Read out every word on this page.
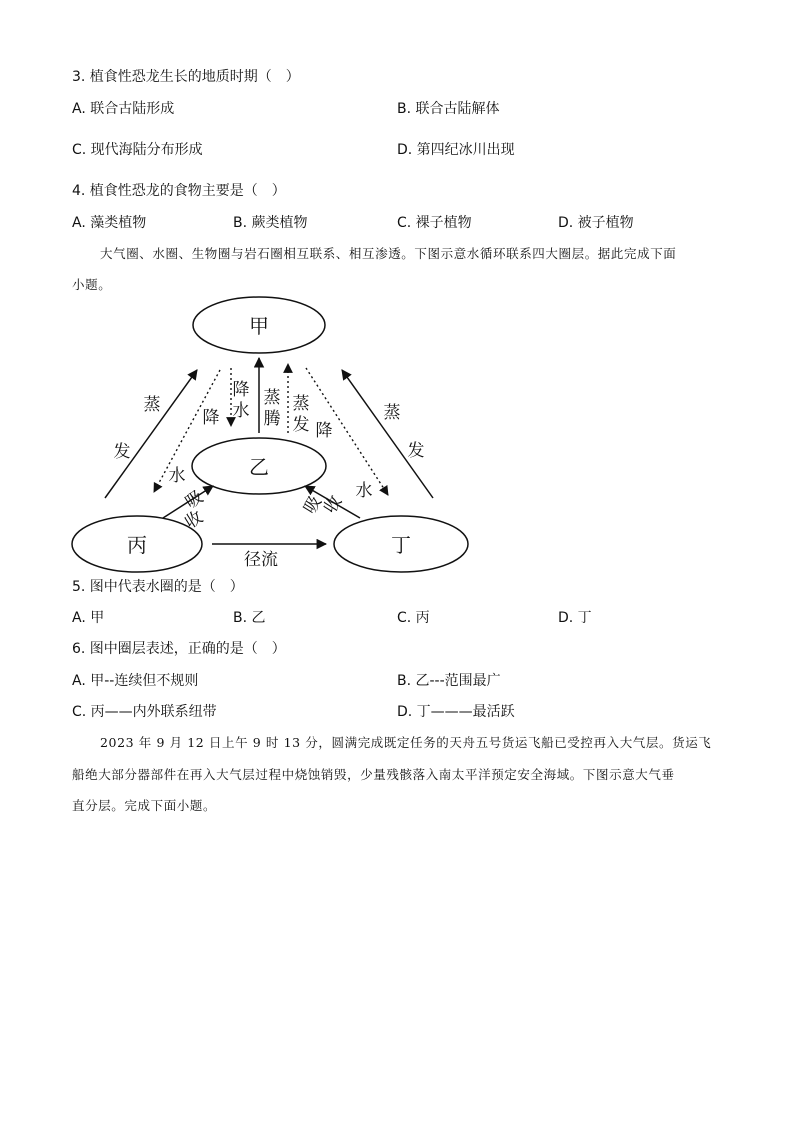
3. 植食性恐龙生长的地质时期（　）
A. 联合古陆形成	B. 联合古陆解体
C. 现代海陆分布形成	D. 第四纪冰川出现
4. 植食性恐龙的食物主要是（　）
A. 藻类植物	B. 蕨类植物	C. 裸子植物	D. 被子植物
大气圈、水圈、生物圈与岩石圈相互联系、相互渗透。下图示意水循环联系四大圈层。据此完成下面
小题。
甲
乙
丙	丁
蒸
发
蒸
发
降
水
降
水
降
水
蒸
腾
蒸
发
吸
收
吸
收
径流
5. 图中代表水圈的是（　）
A. 甲	B. 乙	C. 丙	D. 丁
6. 图中圈层表述，正确的是（　）
A. 甲--连续但不规则	B. 乙---范围最广
C. 丙——内外联系纽带	D. 丁———最活跃
2023 年 9 月 12 日上午 9 时 13 分，圆满完成既定任务的天舟五号货运飞船已受控再入大气层。货运飞
船绝大部分器部件在再入大气层过程中烧蚀销毁，少量残骸落入南太平洋预定安全海域。下图示意大气垂
直分层。完成下面小题。
